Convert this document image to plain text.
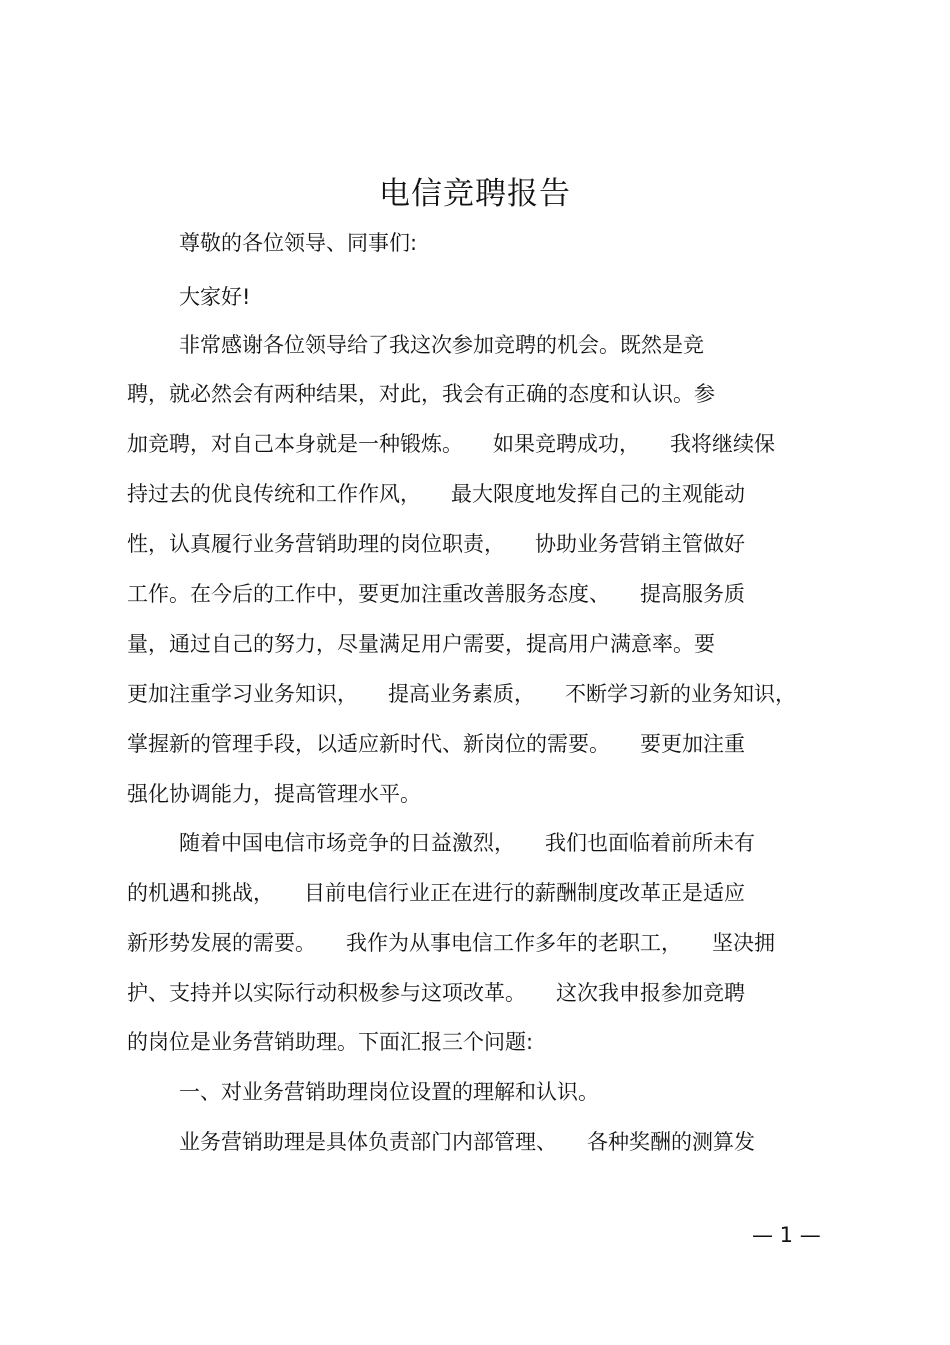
电信竞聘报告

尊敬的各位领导、同事们:

大家好!

非常感谢各位领导给了我这次参加竞聘的机会。既然是竞

聘，就必然会有两种结果，对此，我会有正确的态度和认识。参

加竞聘，对自己本身就是一种锻炼。 如果竞聘成功， 我将继续保

持过去的优良传统和工作作风， 最大限度地发挥自己的主观能动

性，认真履行业务营销助理的岗位职责， 协助业务营销主管做好

工作。在今后的工作中，要更加注重改善服务态度、 提高服务质

量，通过自己的努力，尽量满足用户需要，提高用户满意率。要

更加注重学习业务知识， 提高业务素质， 不断学习新的业务知识，

掌握新的管理手段，以适应新时代、新岗位的需要。 要更加注重

强化协调能力，提高管理水平。

随着中国电信市场竞争的日益激烈， 我们也面临着前所未有

的机遇和挑战， 目前电信行业正在进行的薪酬制度改革正是适应

新形势发展的需要。 我作为从事电信工作多年的老职工， 坚决拥

护、支持并以实际行动积极参与这项改革。 这次我申报参加竞聘

的岗位是业务营销助理。下面汇报三个问题:

一、对业务营销助理岗位设置的理解和认识。

业务营销助理是具体负责部门内部管理、 各种奖酬的测算发

— 1 —
